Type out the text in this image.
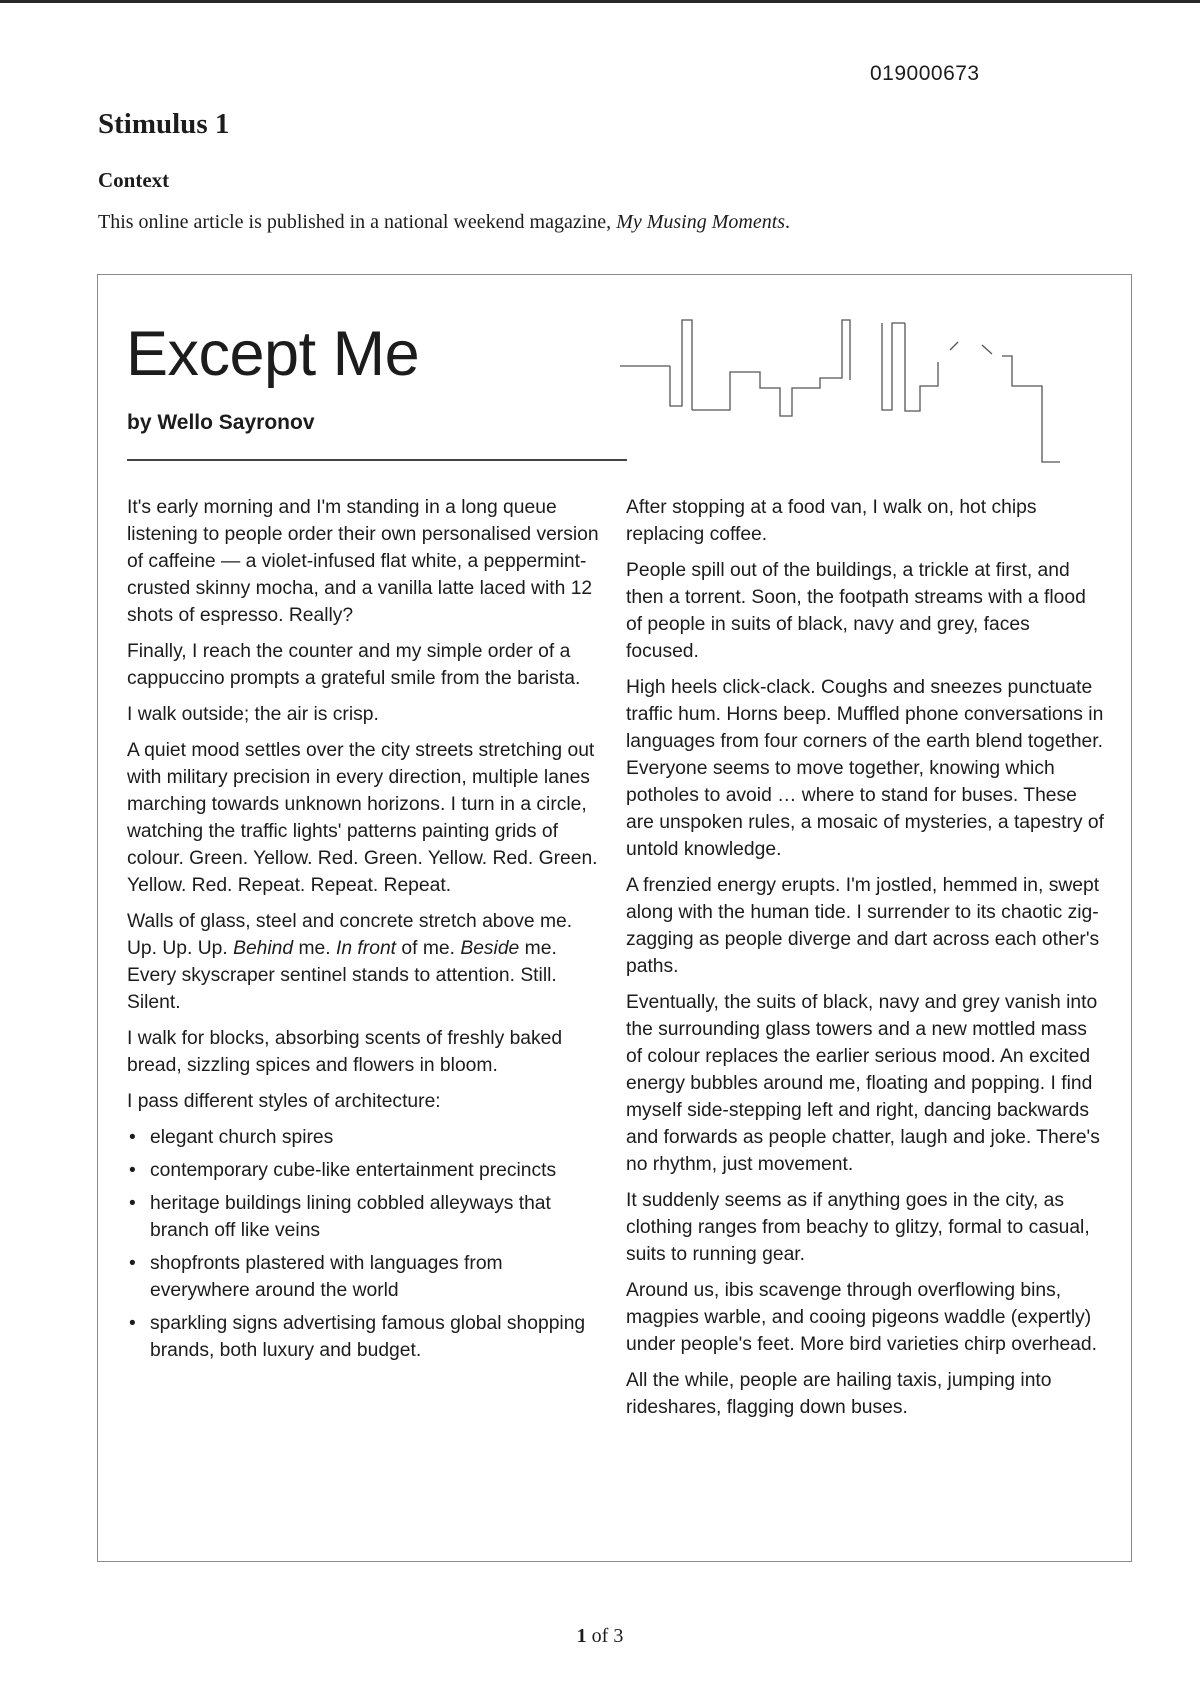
019000673
Stimulus 1
Context

This online article is published in a national weekend magazine, My Musing Moments.

Except Me
by Wello Sayronov

It's early morning and I'm standing in a long queue listening to people order their own personalised version of caffeine — a violet-infused flat white, a peppermint-crusted skinny mocha, and a vanilla latte laced with 12 shots of espresso. Really?

Finally, I reach the counter and my simple order of a cappuccino prompts a grateful smile from the barista.

I walk outside; the air is crisp.

A quiet mood settles over the city streets stretching out with military precision in every direction, multiple lanes marching towards unknown horizons. I turn in a circle, watching the traffic lights' patterns painting grids of colour. Green. Yellow. Red. Green. Yellow. Red. Green. Yellow. Red. Repeat. Repeat. Repeat.

Walls of glass, steel and concrete stretch above me. Up. Up. Up. Behind me. In front of me. Beside me. Every skyscraper sentinel stands to attention. Still. Silent.

I walk for blocks, absorbing scents of freshly baked bread, sizzling spices and flowers in bloom.

I pass different styles of architecture:

• elegant church spires
• contemporary cube-like entertainment precincts
• heritage buildings lining cobbled alleyways that branch off like veins
• shopfronts plastered with languages from everywhere around the world
• sparkling signs advertising famous global shopping brands, both luxury and budget.

After stopping at a food van, I walk on, hot chips replacing coffee.

People spill out of the buildings, a trickle at first, and then a torrent. Soon, the footpath streams with a flood of people in suits of black, navy and grey, faces focused.

High heels click-clack. Coughs and sneezes punctuate traffic hum. Horns beep. Muffled phone conversations in languages from four corners of the earth blend together. Everyone seems to move together, knowing which potholes to avoid … where to stand for buses. These are unspoken rules, a mosaic of mysteries, a tapestry of untold knowledge.

A frenzied energy erupts. I'm jostled, hemmed in, swept along with the human tide. I surrender to its chaotic zig-zagging as people diverge and dart across each other's paths.

Eventually, the suits of black, navy and grey vanish into the surrounding glass towers and a new mottled mass of colour replaces the earlier serious mood. An excited energy bubbles around me, floating and popping. I find myself side-stepping left and right, dancing backwards and forwards as people chatter, laugh and joke. There's no rhythm, just movement.

It suddenly seems as if anything goes in the city, as clothing ranges from beachy to glitzy, formal to casual, suits to running gear.

Around us, ibis scavenge through overflowing bins, magpies warble, and cooing pigeons waddle (expertly) under people's feet. More bird varieties chirp overhead.

All the while, people are hailing taxis, jumping into rideshares, flagging down buses.

1 of 3
